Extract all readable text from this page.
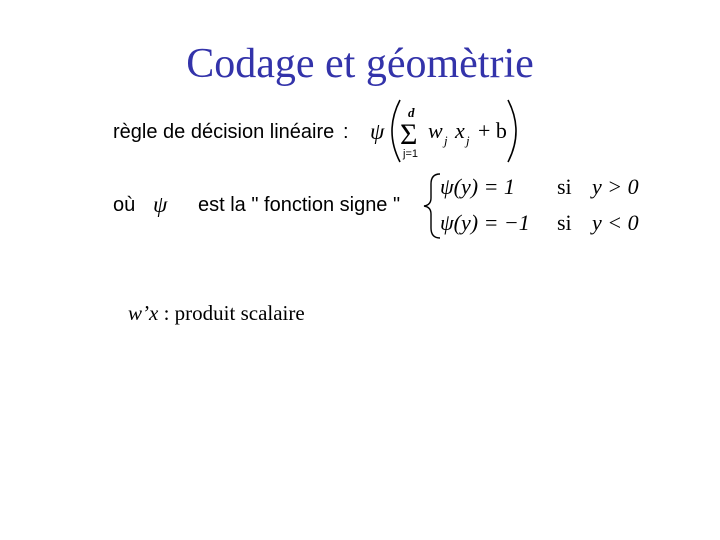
Codage et géomètrie
règle de décision linéaire : ψ
d
Σ
j=1
w j x j + b
où ψ est la " fonction signe "
ψ(y) = 1 si y > 0
ψ(y) = −1 si y < 0
w’x : produit scalaire
